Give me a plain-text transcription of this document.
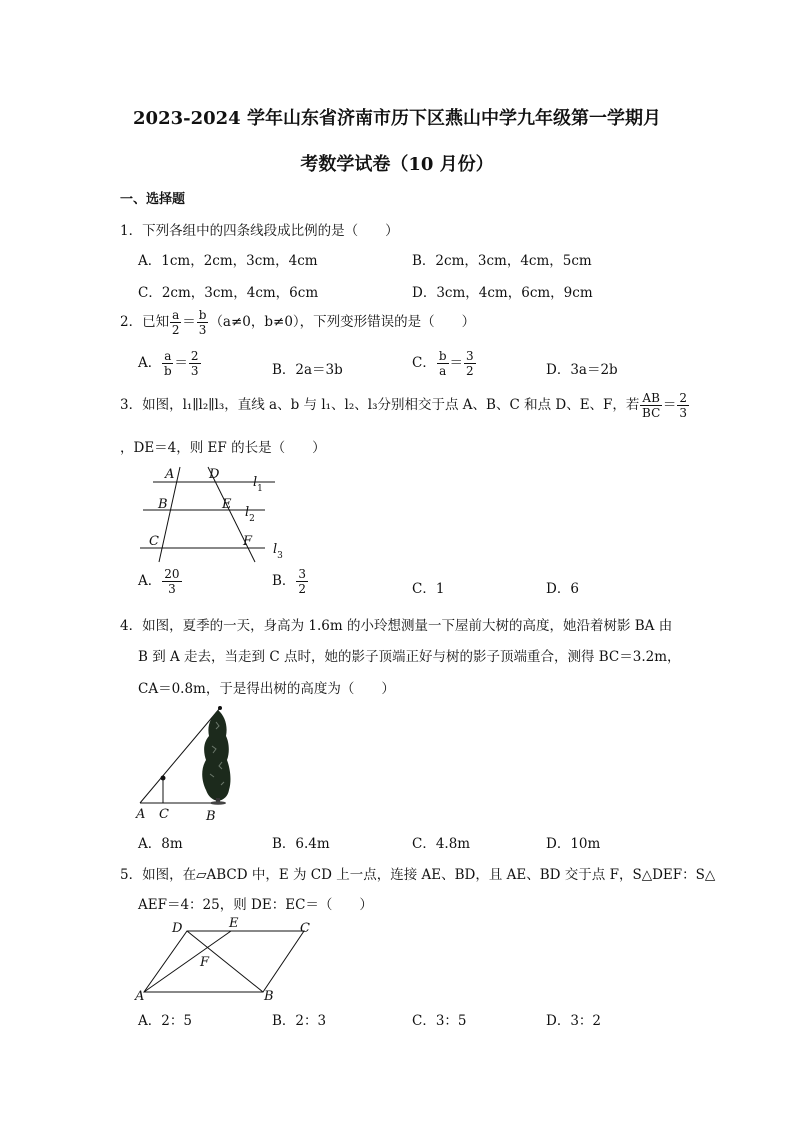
2023-2024 学年山东省济南市历下区燕山中学九年级第一学期月
考数学试卷（10 月份）
一、选择题
1．下列各组中的四条线段成比例的是（　　）
A．1cm，2cm，3cm，4cm	B．2cm，3cm，4cm，5cm
C．2cm，3cm，4cm，6cm	D．3cm，4cm，6cm，9cm
2．已知 $\frac{a}{2} = \frac{b}{3} (a\ne 0$，b≠0），下列变形错误的是（　　）
A． $\frac{a}{b} = \frac{2}{3}$	B．2a＝3b	C． $\frac{b}{a} = \frac{3}{2}$	D．3a＝2b
3．如图，l₁∥l₂∥l₃，直线 a、b 与 l₁、l₂、l₃分别相交于点 A、B、C 和点 D、E、F，若 $\frac{AB}{BC} = \frac{2}{3}$
，DE＝4，则 EF 的长是（　　）
A	D
B	E
C	F
$l_1$
$l_2$
$l_3$
A． $\frac{20}{3}$	B． $\frac{3}{2}$	C．1	D．6
4．如图，夏季的一天，身高为 1.6m 的小玲想测量一下屋前大树的高度，她沿着树影 BA 由
B 到 A 走去，当走到 C 点时，她的影子顶端正好与树的影子顶端重合，测得 BC＝3.2m，
CA＝0.8m，于是得出树的高度为（　　）
A C	B
A．8m	B．6.4m	C．4.8m	D．10m
5．如图，在▱ABCD 中，E 为 CD 上一点，连接 AE、BD，且 AE、BD 交于点 F，S△DEF：S△
AEF＝4：25，则 DE：EC＝（　　）
D	E	C
F
A	B
A．2：5	B．2：3	C．3：5	D．3：2
